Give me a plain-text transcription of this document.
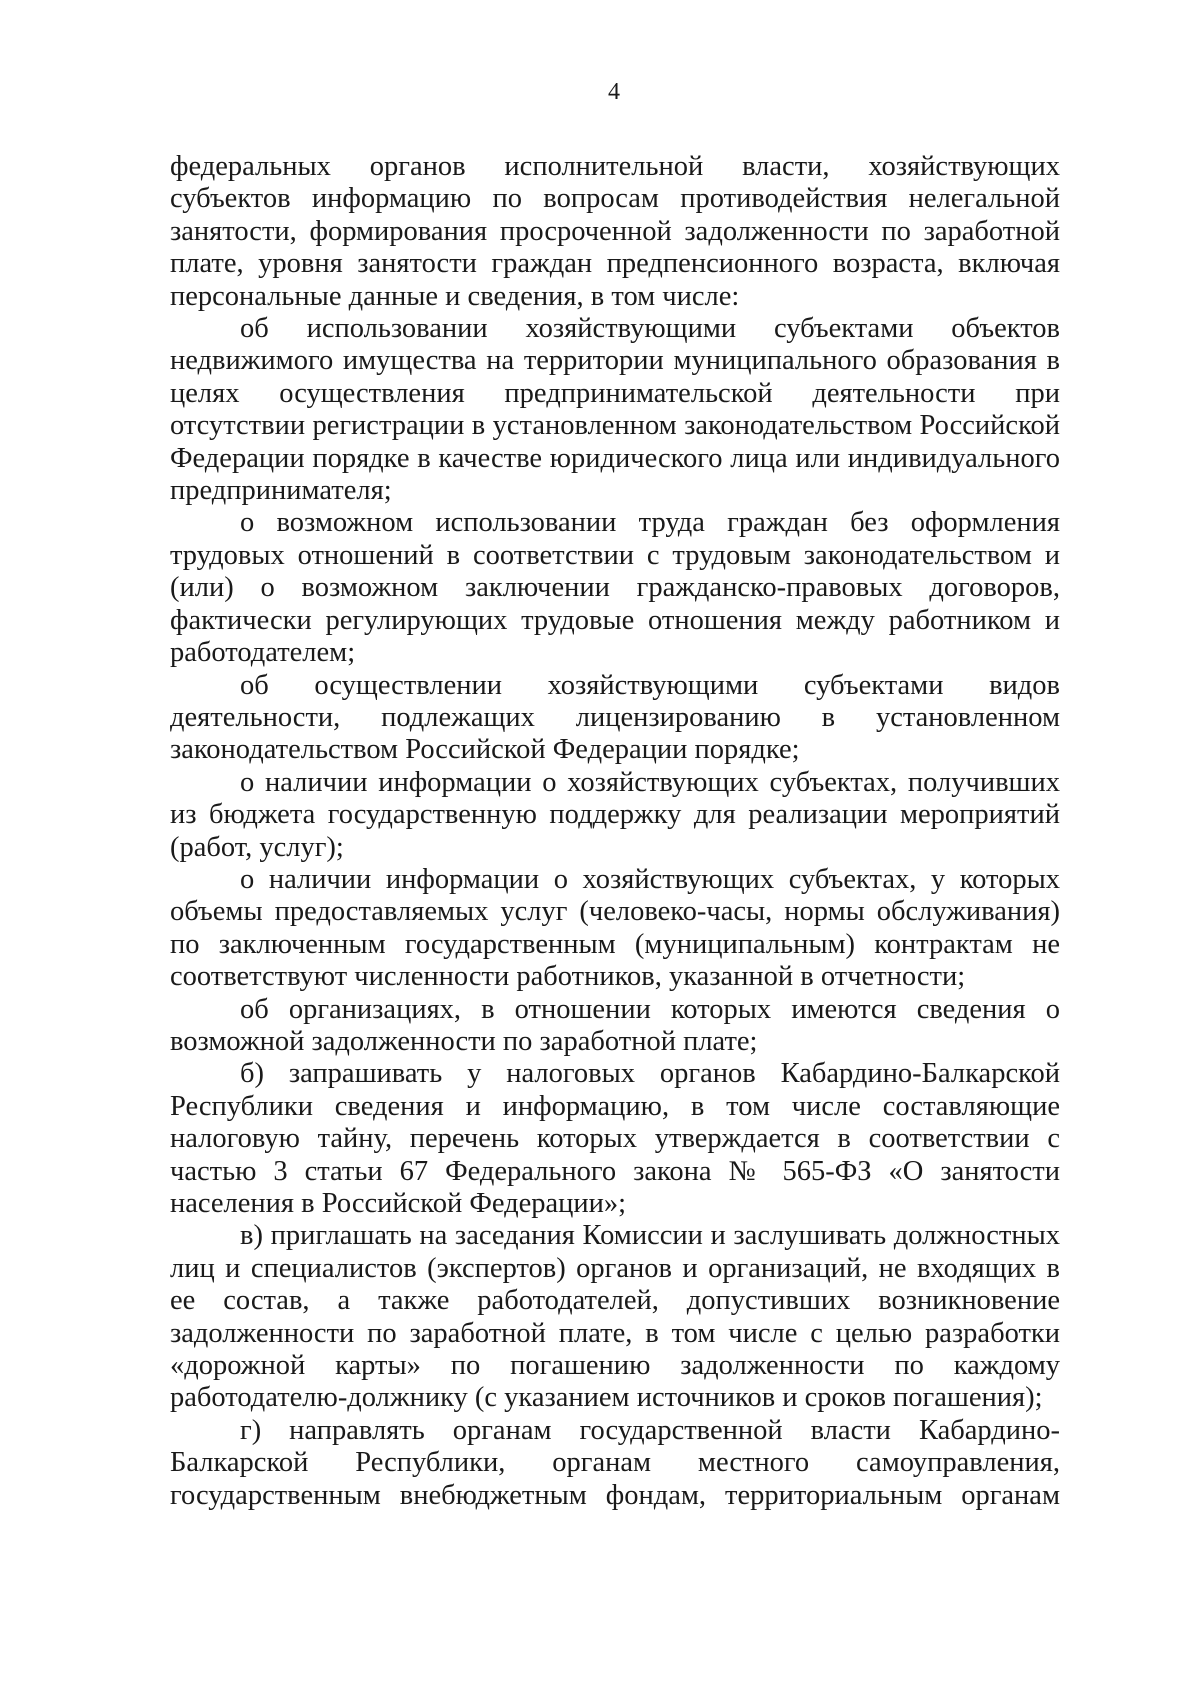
4

федеральных органов исполнительной власти, хозяйствующих субъектов информацию по вопросам противодействия нелегальной занятости, формирования просроченной задолженности по заработной плате, уровня занятости граждан предпенсионного возраста, включая персональные данные и сведения, в том числе:

об использовании хозяйствующими субъектами объектов недвижимого имущества на территории муниципального образования в целях осуществления предпринимательской деятельности при отсутствии регистрации в установленном законодательством Российской Федерации порядке в качестве юридического лица или индивидуального предпринимателя;

о возможном использовании труда граждан без оформления трудовых отношений в соответствии с трудовым законодательством и (или) о возможном заключении гражданско-правовых договоров, фактически регулирующих трудовые отношения между работником и работодателем;

об осуществлении хозяйствующими субъектами видов деятельности, подлежащих лицензированию в установленном законодательством Российской Федерации порядке;

о наличии информации о хозяйствующих субъектах, получивших из бюджета государственную поддержку для реализации мероприятий (работ, услуг);

о наличии информации о хозяйствующих субъектах, у которых объемы предоставляемых услуг (человеко-часы, нормы обслуживания) по заключенным государственным (муниципальным) контрактам не соответствуют численности работников, указанной в отчетности;

об организациях, в отношении которых имеются сведения о возможной задолженности по заработной плате;

б) запрашивать у налоговых органов Кабардино-Балкарской Республики сведения и информацию, в том числе составляющие налоговую тайну, перечень которых утверждается в соответствии с частью 3 статьи 67 Федерального закона № 565-ФЗ «О занятости населения в Российской Федерации»;

в) приглашать на заседания Комиссии и заслушивать должностных лиц и специалистов (экспертов) органов и организаций, не входящих в ее состав, а также работодателей, допустивших возникновение задолженности по заработной плате, в том числе с целью разработки «дорожной карты» по погашению задолженности по каждому работодателю-должнику (с указанием источников и сроков погашения);

г) направлять органам государственной власти Кабардино-Балкарской Республики, органам местного самоуправления, государственным внебюджетным фондам, территориальным органам
